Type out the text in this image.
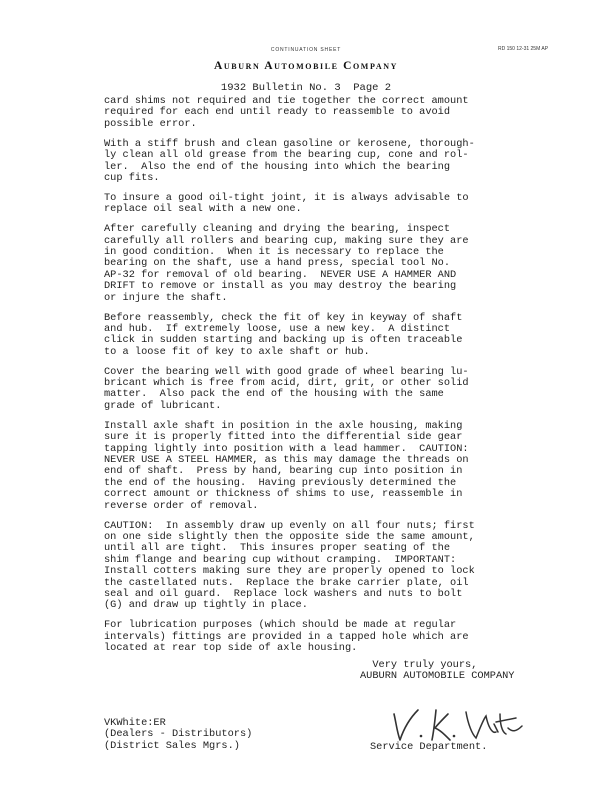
CONTINUATION SHEET	RD 150 12-31 25M AP
Auburn Automobile Company
1932 Bulletin No. 3  Page 2

card shims not required and tie together the correct amount
required for each end until ready to reassemble to avoid
possible error.

With a stiff brush and clean gasoline or kerosene, thorough-
ly clean all old grease from the bearing cup, cone and rol-
ler.  Also the end of the housing into which the bearing
cup fits.

To insure a good oil-tight joint, it is always advisable to
replace oil seal with a new one.

After carefully cleaning and drying the bearing, inspect
carefully all rollers and bearing cup, making sure they are
in good condition.  When it is necessary to replace the
bearing on the shaft, use a hand press, special tool No.
AP-32 for removal of old bearing.  NEVER USE A HAMMER AND
DRIFT to remove or install as you may destroy the bearing
or injure the shaft.

Before reassembly, check the fit of key in keyway of shaft
and hub.  If extremely loose, use a new key.  A distinct
click in sudden starting and backing up is often traceable
to a loose fit of key to axle shaft or hub.

Cover the bearing well with good grade of wheel bearing lu-
bricant which is free from acid, dirt, grit, or other solid
matter.  Also pack the end of the housing with the same
grade of lubricant.

Install axle shaft in position in the axle housing, making
sure it is properly fitted into the differential side gear
tapping lightly into position with a lead hammer.  CAUTION:
NEVER USE A STEEL HAMMER, as this may damage the threads on
end of shaft.  Press by hand, bearing cup into position in
the end of the housing.  Having previously determined the
correct amount or thickness of shims to use, reassemble in
reverse order of removal.

CAUTION:  In assembly draw up evenly on all four nuts; first
on one side slightly then the opposite side the same amount,
until all are tight.  This insures proper seating of the
shim flange and bearing cup without cramping.  IMPORTANT:
Install cotters making sure they are properly opened to lock
the castellated nuts.  Replace the brake carrier plate, oil
seal and oil guard.  Replace lock washers and nuts to bolt
(G) and draw up tightly in place.

For lubrication purposes (which should be made at regular
intervals) fittings are provided in a tapped hole which are
located at rear top side of axle housing.

Very truly yours,
AUBURN AUTOMOBILE COMPANY
VKWhite:ER
(Dealers - Distributors)
(District Sales Mgrs.)	Service Department.
